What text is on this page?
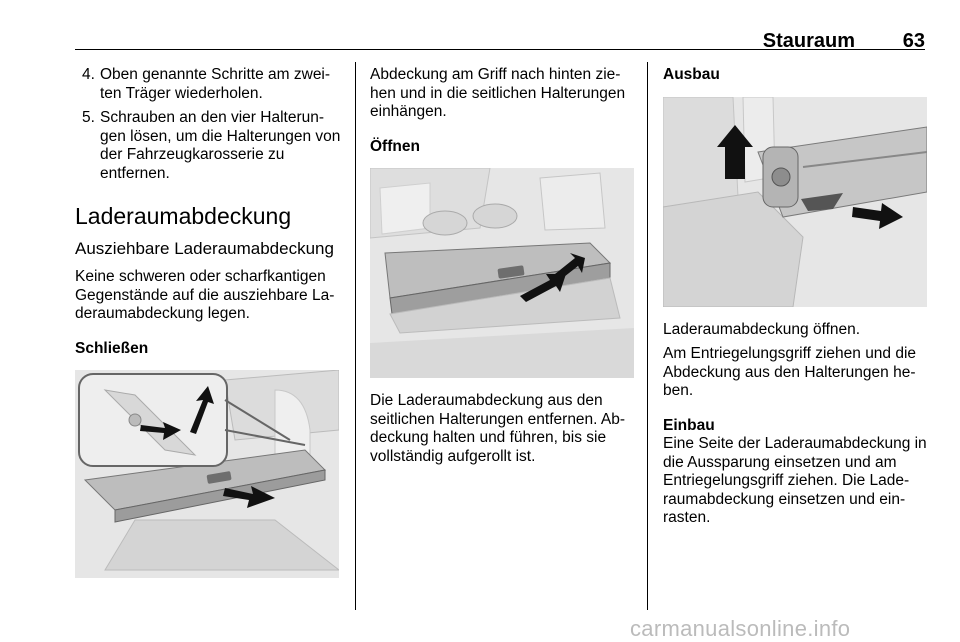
Stauraum 63
4. Oben genannte Schritte am zwei-ten Träger wiederholen.
5. Schrauben an den vier Halterun-gen lösen, um die Halterungen von der Fahrzeugkarosserie zu entfernen.
Laderaumabdeckung
Ausziehbare Laderaumabdeckung

Keine schweren oder scharfkantigen Gegenstände auf die ausziehbare La-deraumabdeckung legen.

Schließen

Abdeckung am Griff nach hinten zie-hen und in die seitlichen Halterungen einhängen.

Öffnen

Die Laderaumabdeckung aus den seitlichen Halterungen entfernen. Ab-deckung halten und führen, bis sie vollständig aufgerollt ist.

Ausbau

Laderaumabdeckung öffnen.

Am Entriegelungsgriff ziehen und die Abdeckung aus den Halterungen he-ben.

Einbau

Eine Seite der Laderaumabdeckung in die Aussparung einsetzen und am Entriegelungsgriff ziehen. Die Lade-raumabdeckung einsetzen und ein-rasten.

carmanualsonline.info
